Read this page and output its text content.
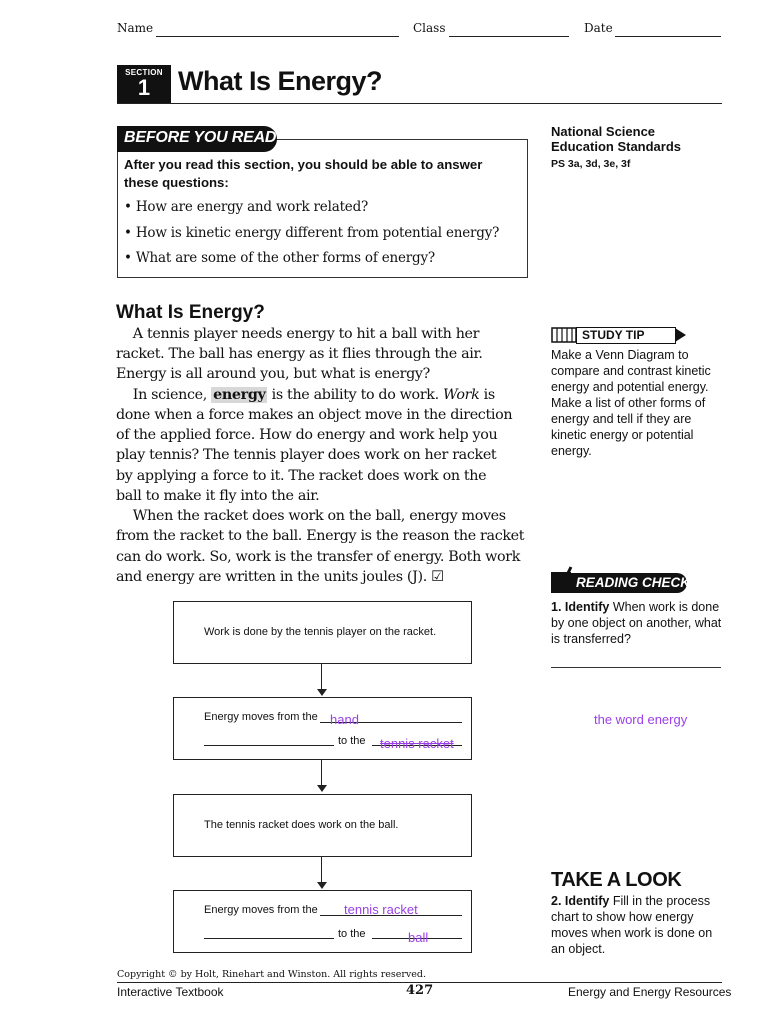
Name	Class	Date
SECTION
1	What Is Energy?
BEFORE YOU READ
After you read this section, you should be able to answer these questions:
• How are energy and work related?
• How is kinetic energy different from potential energy?
• What are some of the other forms of energy?
National Science
Education Standards
PS 3a, 3d, 3e, 3f
What Is Energy?
A tennis player needs energy to hit a ball with her
racket. The ball has energy as it flies through the air.
Energy is all around you, but what is energy?
In science, energy is the ability to do work. Work is
done when a force makes an object move in the direction
of the applied force. How do energy and work help you
play tennis? The tennis player does work on her racket
by applying a force to it. The racket does work on the
ball to make it fly into the air.
When the racket does work on the ball, energy moves
from the racket to the ball. Energy is the reason the racket
can do work. So, work is the transfer of energy. Both work
and energy are written in the units joules (J). ☑
STUDY TIP
Make a Venn Diagram to compare and contrast kinetic energy and potential energy. Make a list of other forms of energy and tell if they are kinetic energy or potential energy.
READING CHECK
1. Identify When work is done by one object on another, what is transferred?
the word energy
TAKE A LOOK
2. Identify Fill in the process chart to show how energy moves when work is done on an object.
Work is done by the tennis player on the racket.
Energy moves from the hand
to the tennis racket
The tennis racket does work on the ball.
Energy moves from the tennis racket
to the	ball
Copyright © by Holt, Rinehart and Winston. All rights reserved.
Interactive Textbook	427	Energy and Energy Resources
